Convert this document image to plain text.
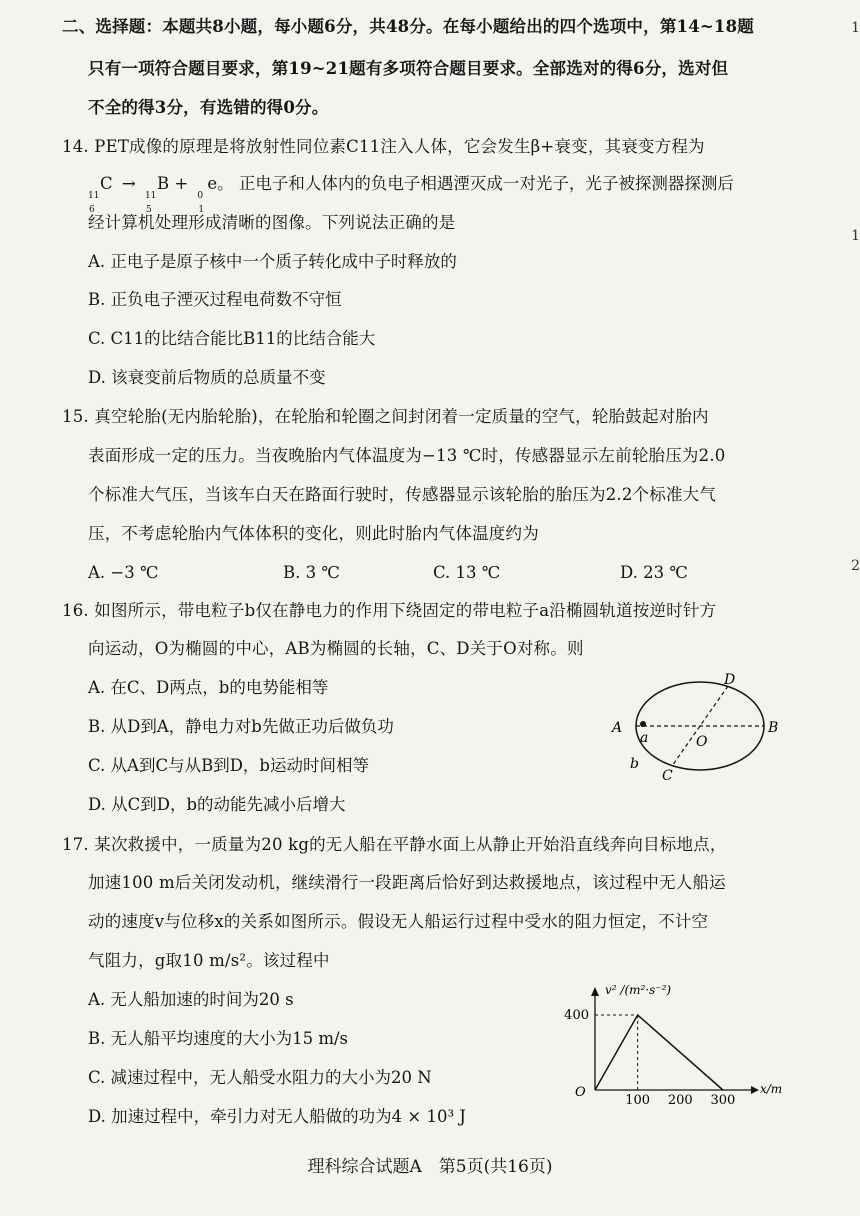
1
1
2
二、选择题：本题共8小题，每小题6分，共48分。在每小题给出的四个选项中，第14~18题
只有一项符合题目要求，第19~21题有多项符合题目要求。全部选对的得6分，选对但
不全的得3分，有选错的得0分。
14. PET成像的原理是将放射性同位素C11注入人体，它会发生β+衰变，其衰变方程为
11
6
C →
11
5
B +
0
1
e。 正电子和人体内的负电子相遇湮灭成一对光子，光子被探测器探测后
经计算机处理形成清晰的图像。下列说法正确的是
A. 正电子是原子核中一个质子转化成中子时释放的
B. 正负电子湮灭过程电荷数不守恒
C. C11的比结合能比B11的比结合能大
D. 该衰变前后物质的总质量不变
15. 真空轮胎(无内胎轮胎)，在轮胎和轮圈之间封闭着一定质量的空气，轮胎鼓起对胎内
表面形成一定的压力。当夜晚胎内气体温度为−13 ℃时，传感器显示左前轮胎压为2.0
个标准大气压，当该车白天在路面行驶时，传感器显示该轮胎的胎压为2.2个标准大气
压，不考虑轮胎内气体体积的变化，则此时胎内气体温度约为
A. −3 ℃	B. 3 ℃	C. 13 ℃	D. 23 ℃
16. 如图所示，带电粒子b仅在静电力的作用下绕固定的带电粒子a沿椭圆轨道按逆时针方
向运动，O为椭圆的中心，AB为椭圆的长轴，C、D关于O对称。则
A. 在C、D两点，b的电势能相等
B. 从D到A，静电力对b先做正功后做负功
C. 从A到C与从B到D，b运动时间相等
D. 从C到D，b的动能先减小后增大
A	B
C
D
O
a
b
17. 某次救援中，一质量为20 kg的无人船在平静水面上从静止开始沿直线奔向目标地点，
加速100 m后关闭发动机，继续滑行一段距离后恰好到达救援地点，该过程中无人船运
动的速度v与位移x的关系如图所示。假设无人船运行过程中受水的阻力恒定，不计空
气阻力，g取10 m/s²。该过程中
A. 无人船加速的时间为20 s
B. 无人船平均速度的大小为15 m/s
C. 减速过程中，无人船受水阻力的大小为20 N
D. 加速过程中，牵引力对无人船做的功为4 × 10³ J
v² /(m²·s⁻²)
x/m
O
100 200 300
400
理科综合试题A　第5页(共16页)
